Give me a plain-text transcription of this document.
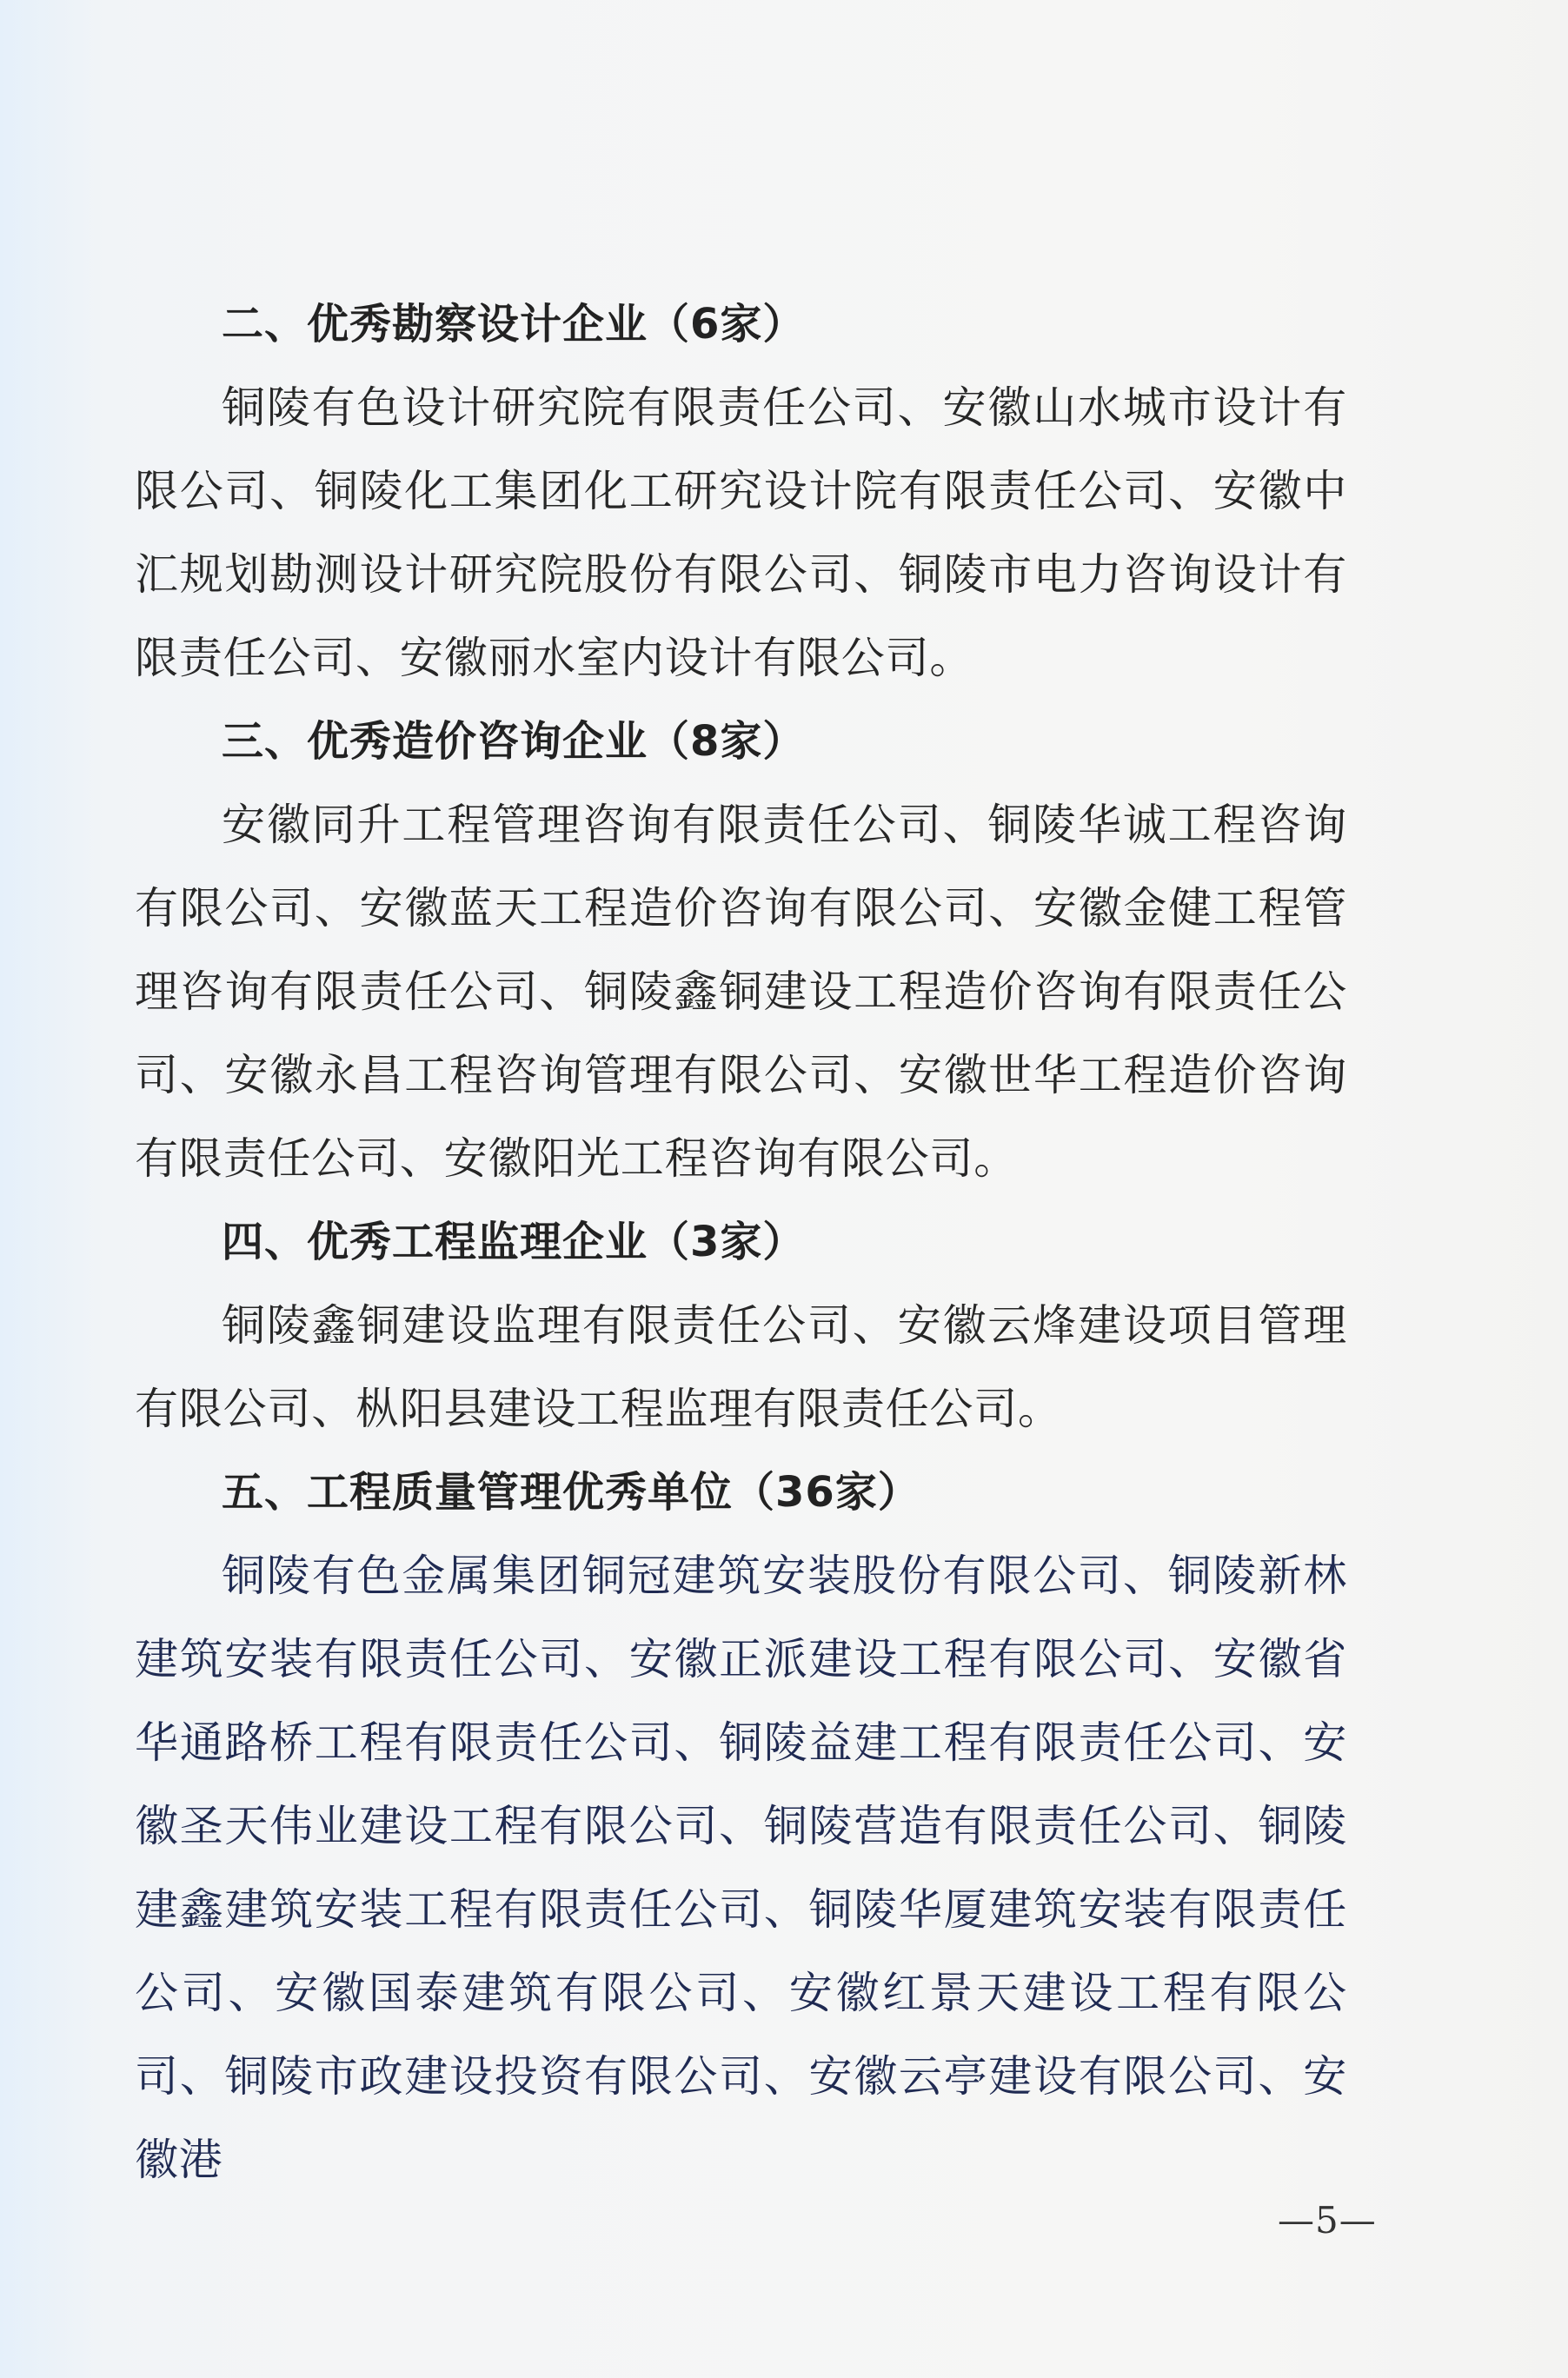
二、优秀勘察设计企业（6家）

铜陵有色设计研究院有限责任公司、安徽山水城市设计有限公司、铜陵化工集团化工研究设计院有限责任公司、安徽中汇规划勘测设计研究院股份有限公司、铜陵市电力咨询设计有限责任公司、安徽丽水室内设计有限公司。

三、优秀造价咨询企业（8家）

安徽同升工程管理咨询有限责任公司、铜陵华诚工程咨询有限公司、安徽蓝天工程造价咨询有限公司、安徽金健工程管理咨询有限责任公司、铜陵鑫铜建设工程造价咨询有限责任公司、安徽永昌工程咨询管理有限公司、安徽世华工程造价咨询有限责任公司、安徽阳光工程咨询有限公司。

四、优秀工程监理企业（3家）

铜陵鑫铜建设监理有限责任公司、安徽云烽建设项目管理有限公司、枞阳县建设工程监理有限责任公司。

五、工程质量管理优秀单位（36家）

铜陵有色金属集团铜冠建筑安装股份有限公司、铜陵新林建筑安装有限责任公司、安徽正派建设工程有限公司、安徽省华通路桥工程有限责任公司、铜陵益建工程有限责任公司、安徽圣天伟业建设工程有限公司、铜陵营造有限责任公司、铜陵建鑫建筑安装工程有限责任公司、铜陵华厦建筑安装有限责任公司、安徽国泰建筑有限公司、安徽红景天建设工程有限公司、铜陵市政建设投资有限公司、安徽云亭建设有限公司、安徽港

—5—
